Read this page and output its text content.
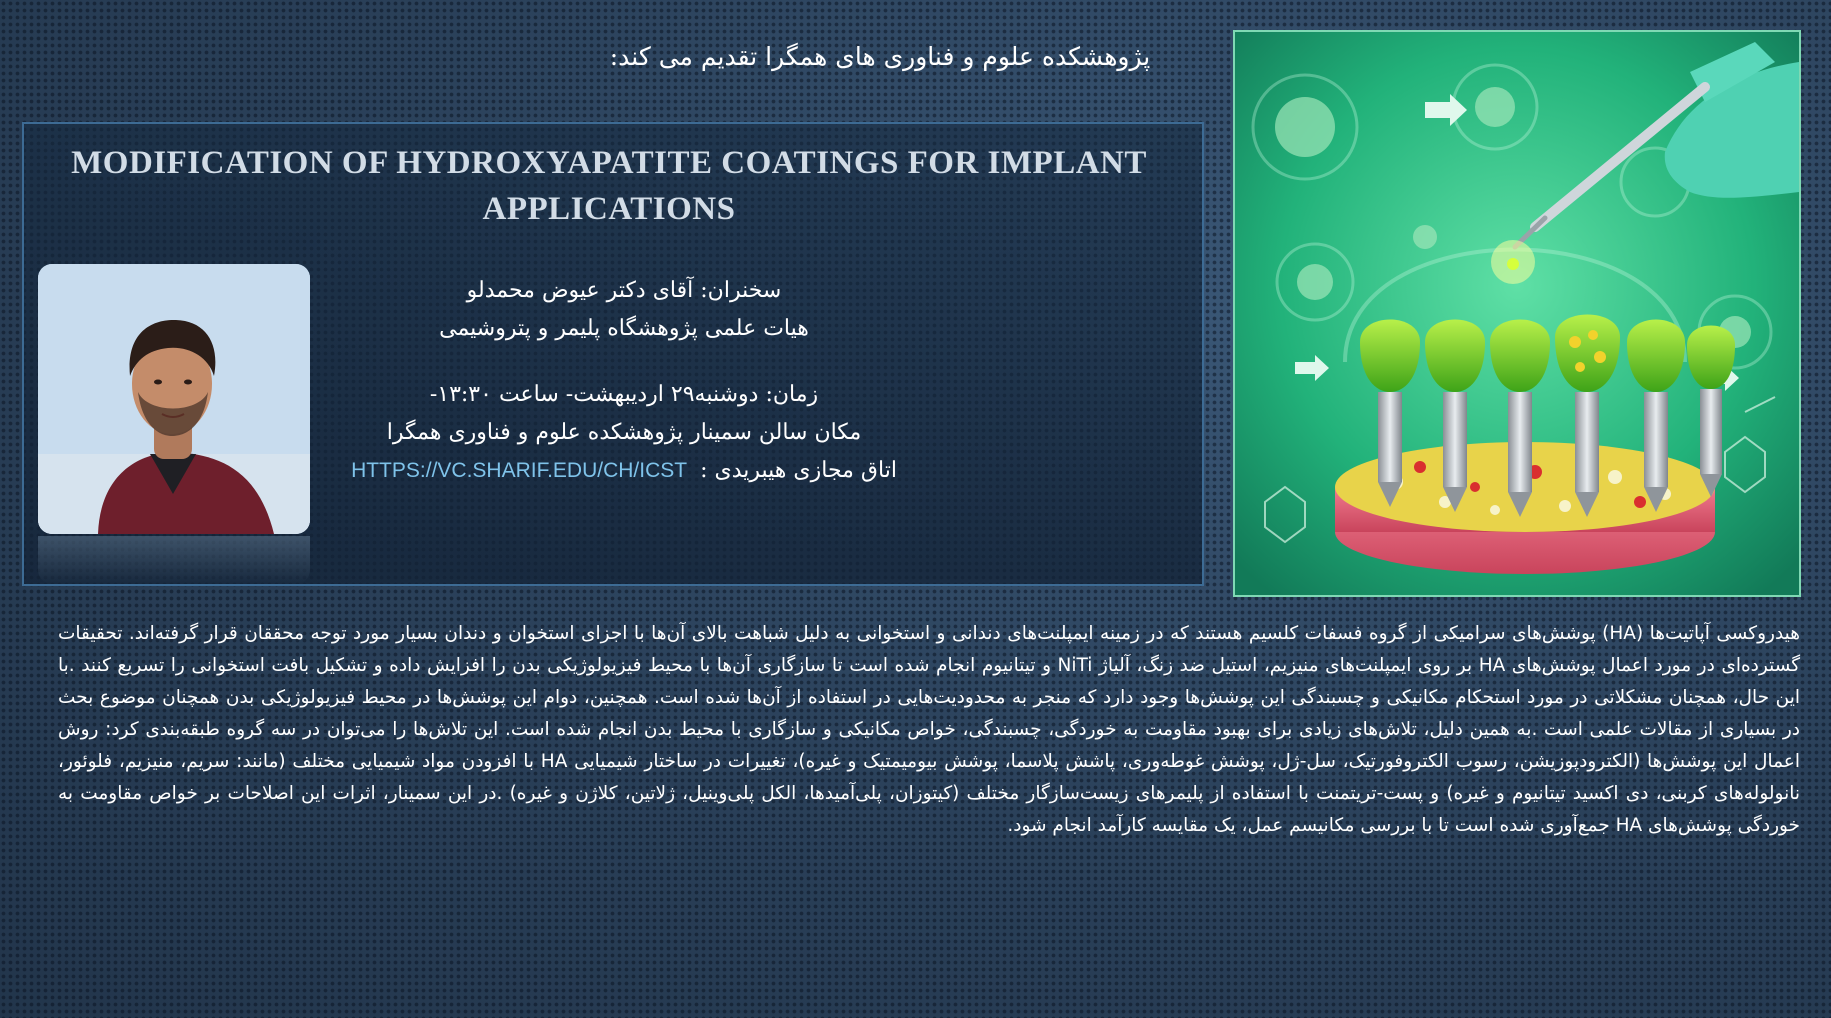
پژوهشکده علوم و فناوری های همگرا تقدیم می کند:
MODIFICATION OF HYDROXYAPATITE COATINGS FOR IMPLANT APPLICATIONS
سخنران: آقای دکتر عیوض محمدلو
هیات علمی پژوهشگاه پلیمر و پتروشیمی
زمان: دوشنبه۲۹ اردیبهشت- ساعت ۱۳:۳۰-
مکان سالن سمینار پژوهشکده علوم و فناوری همگرا
اتاق مجازی هیبریدی : HTTPS://VC.SHARIF.EDU/CH/ICST
هیدروکسی آپاتیت‌ها (HA) پوشش‌های سرامیکی از گروه فسفات کلسیم هستند که در زمینه ایمپلنت‌های دندانی و استخوانی به دلیل شباهت بالای آن‌ها با اجزای استخوان و دندان بسیار مورد توجه محققان قرار گرفته‌اند. تحقیقات گسترده‌ای در مورد اعمال پوشش‌های HA بر روی ایمپلنت‌های منیزیم، استیل ضد زنگ، آلیاژ NiTi و تیتانیوم انجام شده است تا سازگاری آن‌ها با محیط فیزیولوژیکی بدن را افزایش داده و تشکیل بافت استخوانی را تسریع کنند .با این حال، همچنان مشکلاتی در مورد استحکام مکانیکی و چسبندگی این پوشش‌ها وجود دارد که منجر به محدودیت‌هایی در استفاده از آن‌ها شده است. همچنین، دوام این پوشش‌ها در محیط فیزیولوژیکی بدن همچنان موضوع بحث در بسیاری از مقالات علمی است .به همین دلیل، تلاش‌های زیادی برای بهبود مقاومت به خوردگی، چسبندگی، خواص مکانیکی و سازگاری با محیط بدن انجام شده است. این تلاش‌ها را می‌توان در سه گروه طبقه‌بندی کرد: روش اعمال این پوشش‌ها (الکترودپوزیشن، رسوب الکتروفورتیک، سل-ژل، پوشش غوطه‌وری، پاشش پلاسما، پوشش بیومیمتیک و غیره)، تغییرات در ساختار شیمیایی HA با افزودن مواد شیمیایی مختلف (مانند: سریم، منیزیم، فلوئور، نانولوله‌های کربنی، دی اکسید تیتانیوم و غیره) و پست-تریتمنت با استفاده از پلیمرهای زیست‌سازگار مختلف (کیتوزان، پلی‌آمیدها، الکل پلی‌وینیل، ژلاتین، کلاژن و غیره) .در این سمینار، اثرات این اصلاحات بر خواص مقاومت به خوردگی پوشش‌های HA جمع‌آوری شده است تا با بررسی مکانیسم عمل، یک مقایسه کارآمد انجام شود.
